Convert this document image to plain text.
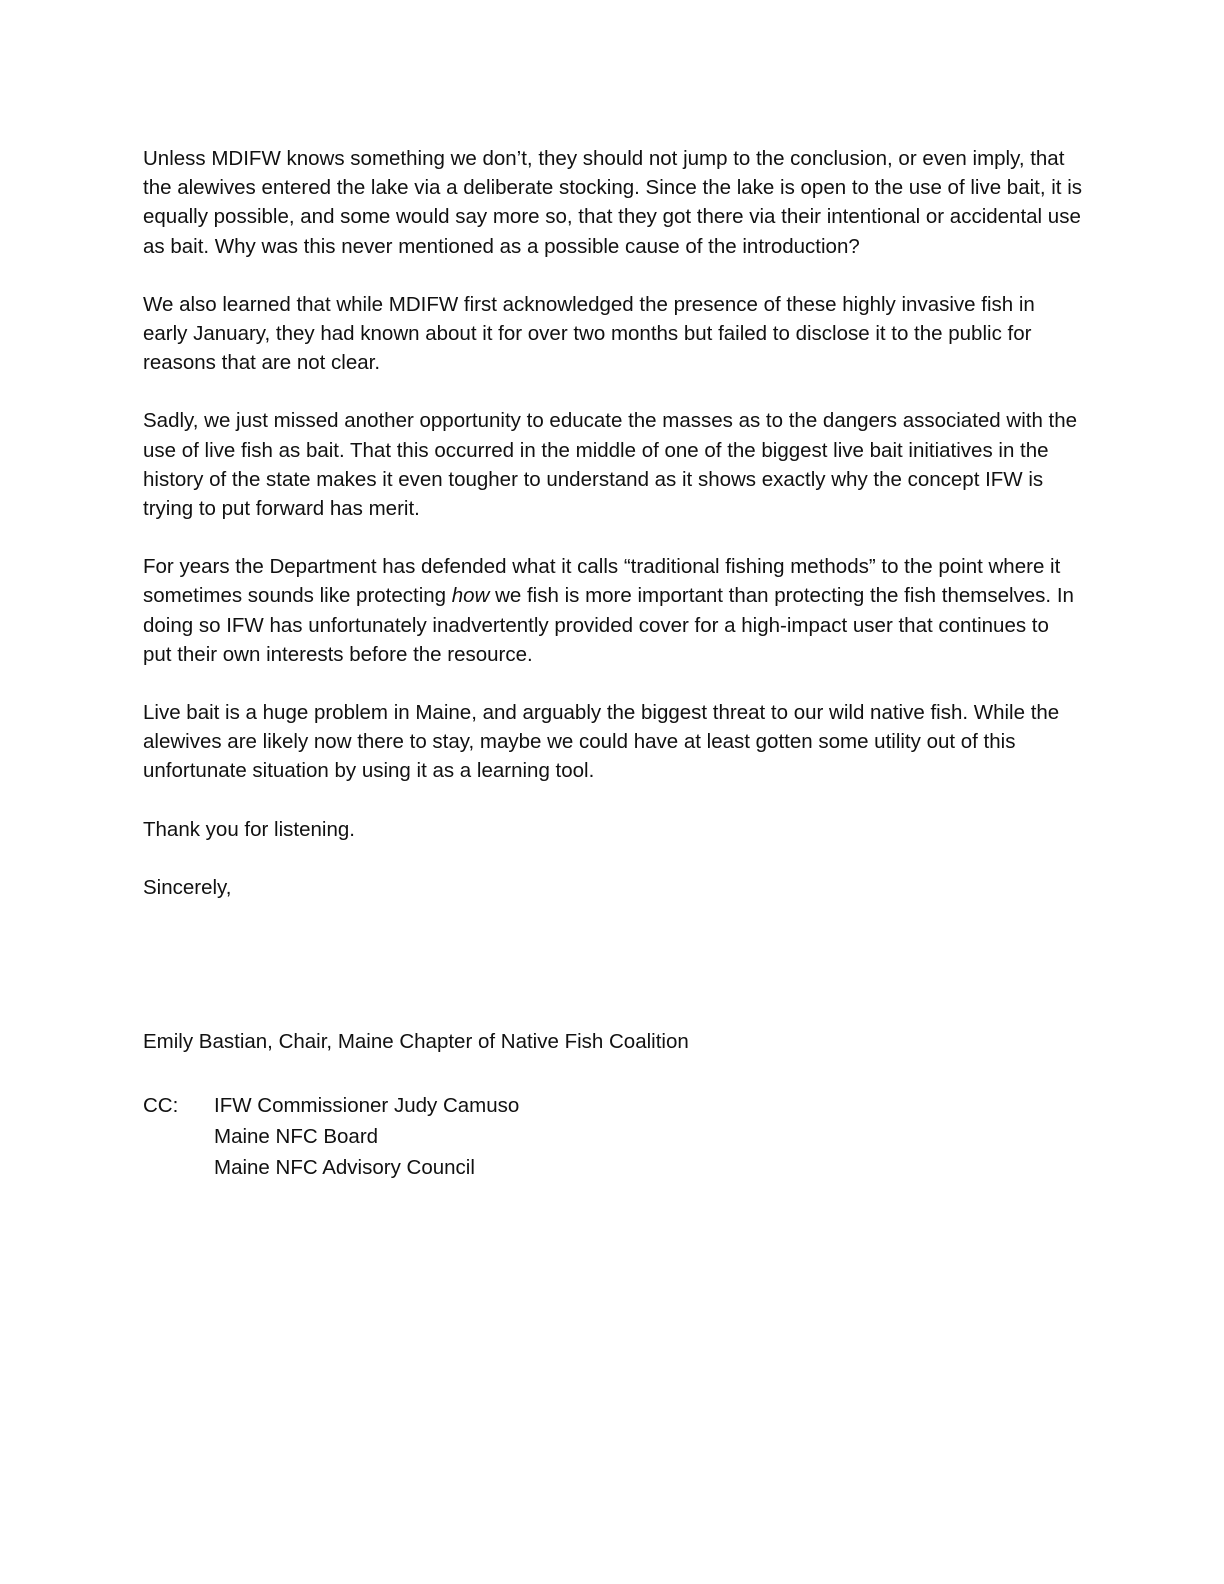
Unless MDIFW knows something we don’t, they should not jump to the conclusion, or even imply, that the alewives entered the lake via a deliberate stocking. Since the lake is open to the use of live bait, it is equally possible, and some would say more so, that they got there via their intentional or accidental use as bait. Why was this never mentioned as a possible cause of the introduction?

We also learned that while MDIFW first acknowledged the presence of these highly invasive fish in early January, they had known about it for over two months but failed to disclose it to the public for reasons that are not clear.

Sadly, we just missed another opportunity to educate the masses as to the dangers associated with the use of live fish as bait. That this occurred in the middle of one of the biggest live bait initiatives in the history of the state makes it even tougher to understand as it shows exactly why the concept IFW is trying to put forward has merit.

For years the Department has defended what it calls “traditional fishing methods” to the point where it sometimes sounds like protecting how we fish is more important than protecting the fish themselves. In doing so IFW has unfortunately inadvertently provided cover for a high-impact user that continues to put their own interests before the resource.

Live bait is a huge problem in Maine, and arguably the biggest threat to our wild native fish. While the alewives are likely now there to stay, maybe we could have at least gotten some utility out of this unfortunate situation by using it as a learning tool.

Thank you for listening.

Sincerely,

Emily Bastian, Chair, Maine Chapter of Native Fish Coalition

CC:	IFW Commissioner Judy Camuso
Maine NFC Board
Maine NFC Advisory Council
